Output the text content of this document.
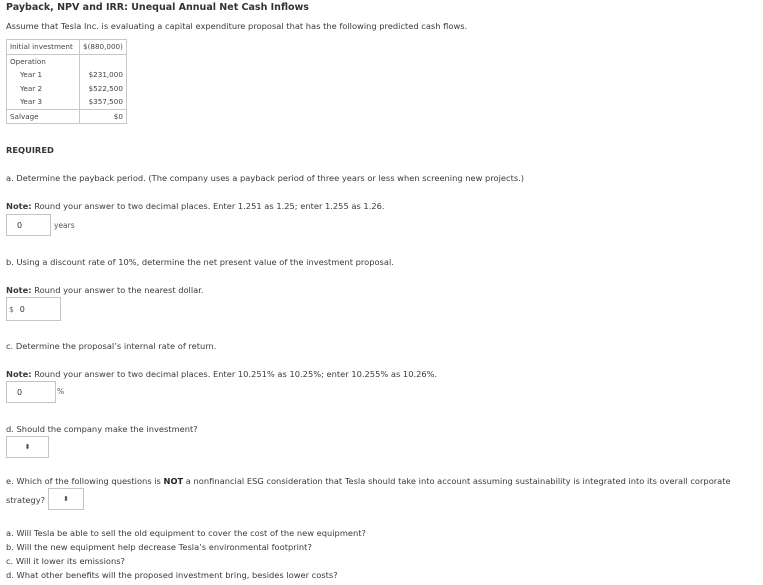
Payback, NPV and IRR: Unequal Annual Net Cash Inflows
Assume that Tesla Inc. is evaluating a capital expenditure proposal that has the following predicted cash flows.
Initial investment	$(880,000)
Operation	
Year 1	$231,000
Year 2	$522,500
Year 3	$357,500
Salvage	$0
REQUIRED
a. Determine the payback period. (The company uses a payback period of three years or less when screening new projects.)
Note: Round your answer to two decimal places. Enter 1.251 as 1.25; enter 1.255 as 1.26.
0	years
b. Using a discount rate of 10%, determine the net present value of the investment proposal.
Note: Round your answer to the nearest dollar.
$ 0
c. Determine the proposal’s internal rate of return.
Note: Round your answer to two decimal places. Enter 10.251% as 10.25%; enter 10.255% as 10.26%.
0	%
d. Should the company make the investment?
⬍
e. Which of the following questions is NOT a nonfinancial ESG consideration that Tesla should take into account assuming sustainability is integrated into its overall corporate
strategy?	⬍
a. Will Tesla be able to sell the old equipment to cover the cost of the new equipment?
b. Will the new equipment help decrease Tesla’s environmental footprint?
c. Will it lower its emissions?
d. What other benefits will the proposed investment bring, besides lower costs?
